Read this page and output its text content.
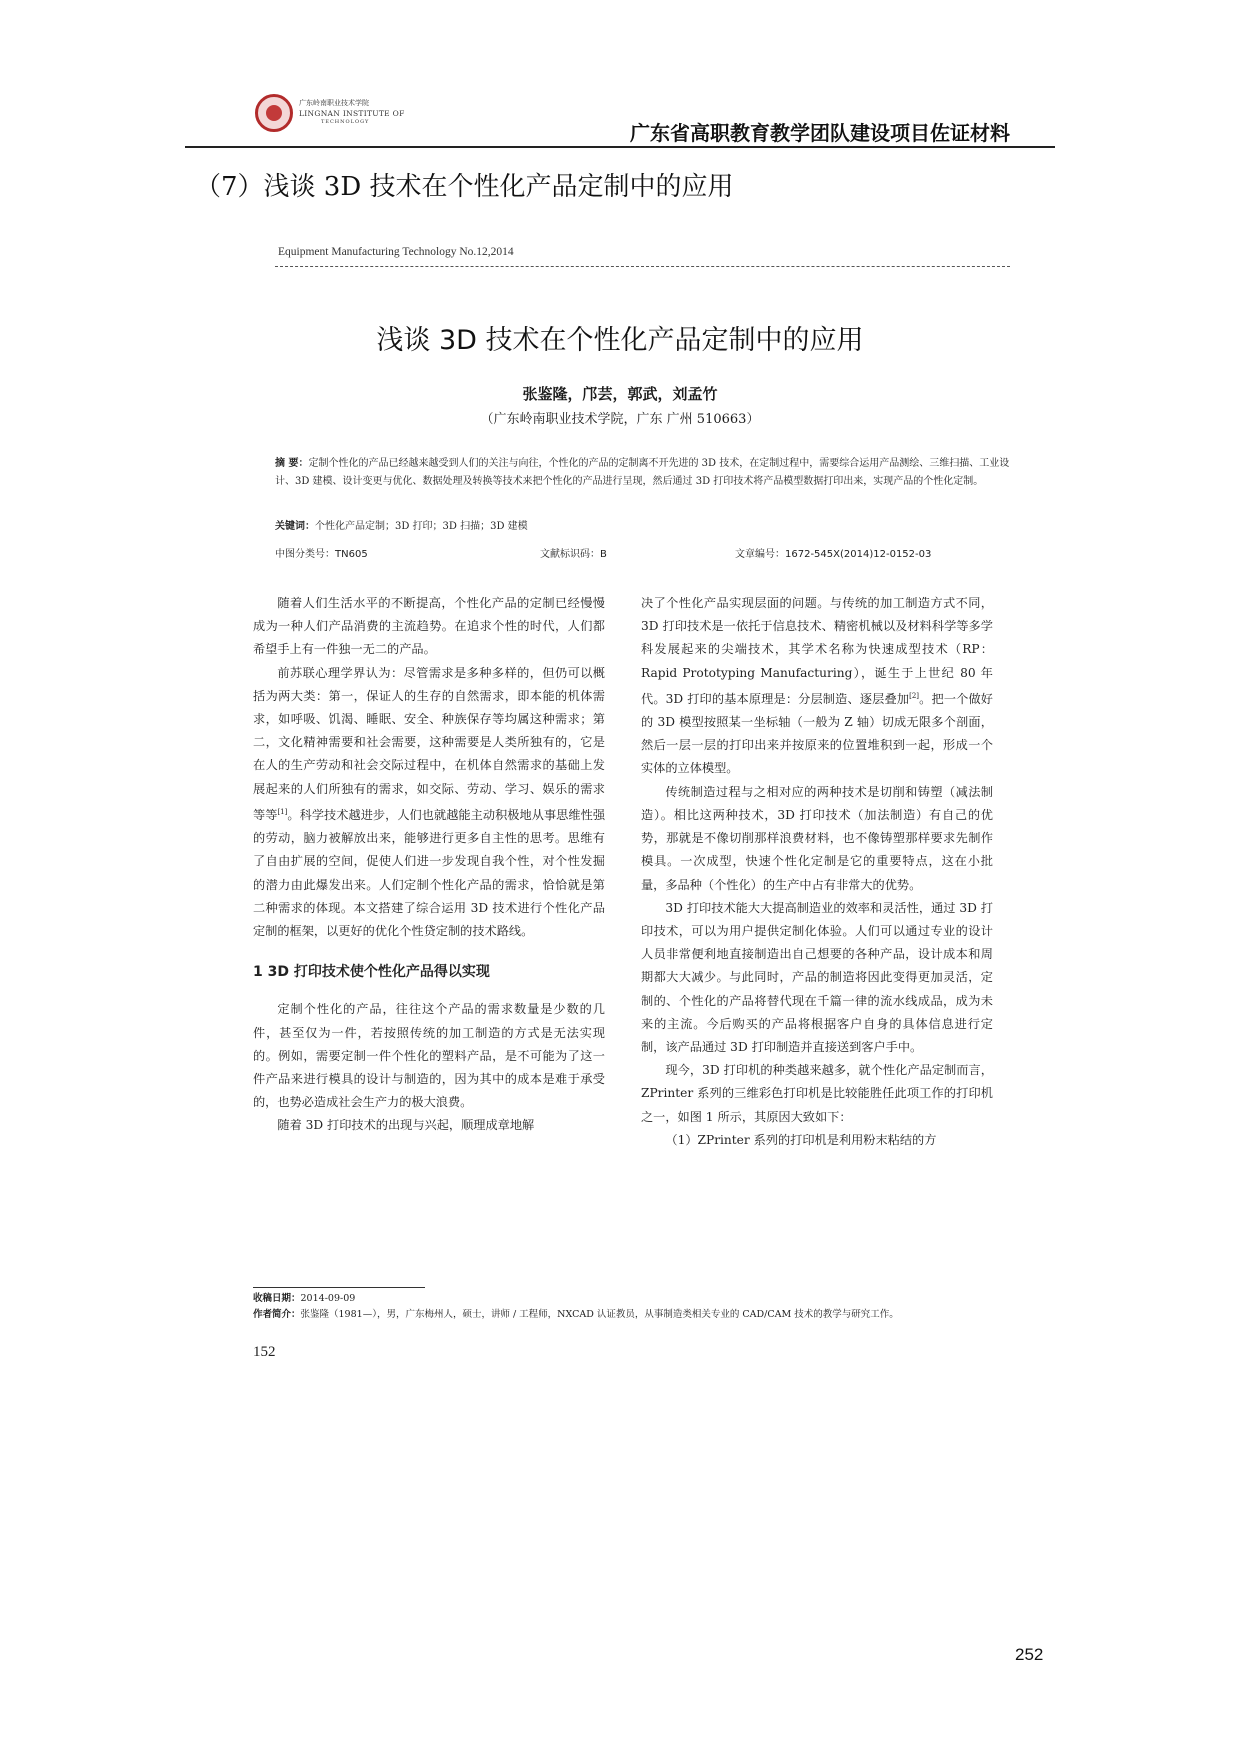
广东岭南职业技术学院
LINGNAN INSTITUTE OF
TECHNOLOGY	广东省高职教育教学团队建设项目佐证材料
（7）浅谈 3D 技术在个性化产品定制中的应用
Equipment Manufacturing Technology No.12,2014
浅谈 3D 技术在个性化产品定制中的应用
张鉴隆，邝芸，郭武，刘孟竹
（广东岭南职业技术学院，广东 广州 510663）
摘 要：定制个性化的产品已经越来越受到人们的关注与向往，个性化的产品的定制离不开先进的 3D 技术，在定制过程中，需要综合运用产品测绘、三维扫描、工业设计、3D 建模、设计变更与优化、数据处理及转换等技术来把个性化的产品进行呈现，然后通过 3D 打印技术将产品模型数据打印出来，实现产品的个性化定制。
关键词：个性化产品定制；3D 打印；3D 扫描；3D 建模
中图分类号：TN605	文献标识码：B	文章编号：1672-545X(2014)12-0152-03

随着人们生活水平的不断提高，个性化产品的定制已经慢慢成为一种人们产品消费的主流趋势。在追求个性的时代，人们都希望手上有一件独一无二的产品。

前苏联心理学界认为：尽管需求是多种多样的，但仍可以概括为两大类：第一，保证人的生存的自然需求，即本能的机体需求，如呼吸、饥渴、睡眠、安全、种族保存等均属这种需求；第二，文化精神需要和社会需要，这种需要是人类所独有的，它是在人的生产劳动和社会交际过程中，在机体自然需求的基础上发展起来的人们所独有的需求，如交际、劳动、学习、娱乐的需求等等[1]。科学技术越进步，人们也就越能主动积极地从事思维性强的劳动，脑力被解放出来，能够进行更多自主性的思考。思维有了自由扩展的空间，促使人们进一步发现自我个性，对个性发掘的潜力由此爆发出来。人们定制个性化产品的需求，恰恰就是第二种需求的体现。本文搭建了综合运用 3D 技术进行个性化产品定制的框架，以更好的优化个性贷定制的技术路线。

1 3D 打印技术使个性化产品得以实现

定制个性化的产品，往往这个产品的需求数量是少数的几件，甚至仅为一件，若按照传统的加工制造的方式是无法实现的。例如，需要定制一件个性化的塑料产品，是不可能为了这一件产品来进行模具的设计与制造的，因为其中的成本是难于承受的，也势必造成社会生产力的极大浪费。

随着 3D 打印技术的出现与兴起，顺理成章地解

决了个性化产品实现层面的问题。与传统的加工制造方式不同，3D 打印技术是一依托于信息技术、精密机械以及材料科学等多学科发展起来的尖端技术，其学术名称为快速成型技术（RP：Rapid Prototyping Manufacturing），诞生于上世纪 80 年代。3D 打印的基本原理是：分层制造、逐层叠加[2]。把一个做好的 3D 模型按照某一坐标轴（一般为 Z 轴）切成无限多个剖面，然后一层一层的打印出来并按原来的位置堆积到一起，形成一个实体的立体模型。

传统制造过程与之相对应的两种技术是切削和铸塑（减法制造）。相比这两种技术，3D 打印技术（加法制造）有自己的优势，那就是不像切削那样浪费材料，也不像铸塑那样要求先制作模具。一次成型，快速个性化定制是它的重要特点，这在小批量，多品种（个性化）的生产中占有非常大的优势。

3D 打印技术能大大提高制造业的效率和灵活性，通过 3D 打印技术，可以为用户提供定制化体验。人们可以通过专业的设计人员非常便利地直接制造出自己想要的各种产品，设计成本和周期都大大减少。与此同时，产品的制造将因此变得更加灵活，定制的、个性化的产品将替代现在千篇一律的流水线成品，成为未来的主流。今后购买的产品将根据客户自身的具体信息进行定制，该产品通过 3D 打印制造并直接送到客户手中。

现今，3D 打印机的种类越来越多，就个性化产品定制而言，ZPrinter 系列的三维彩色打印机是比较能胜任此项工作的打印机之一，如图 1 所示，其原因大致如下：

（1）ZPrinter 系列的打印机是利用粉末粘结的方

收稿日期：2014-09-09
作者简介：张鉴隆（1981—），男，广东梅州人，硕士，讲师 / 工程师，NXCAD 认证教员，从事制造类相关专业的 CAD/CAM 技术的教学与研究工作。
152
252
